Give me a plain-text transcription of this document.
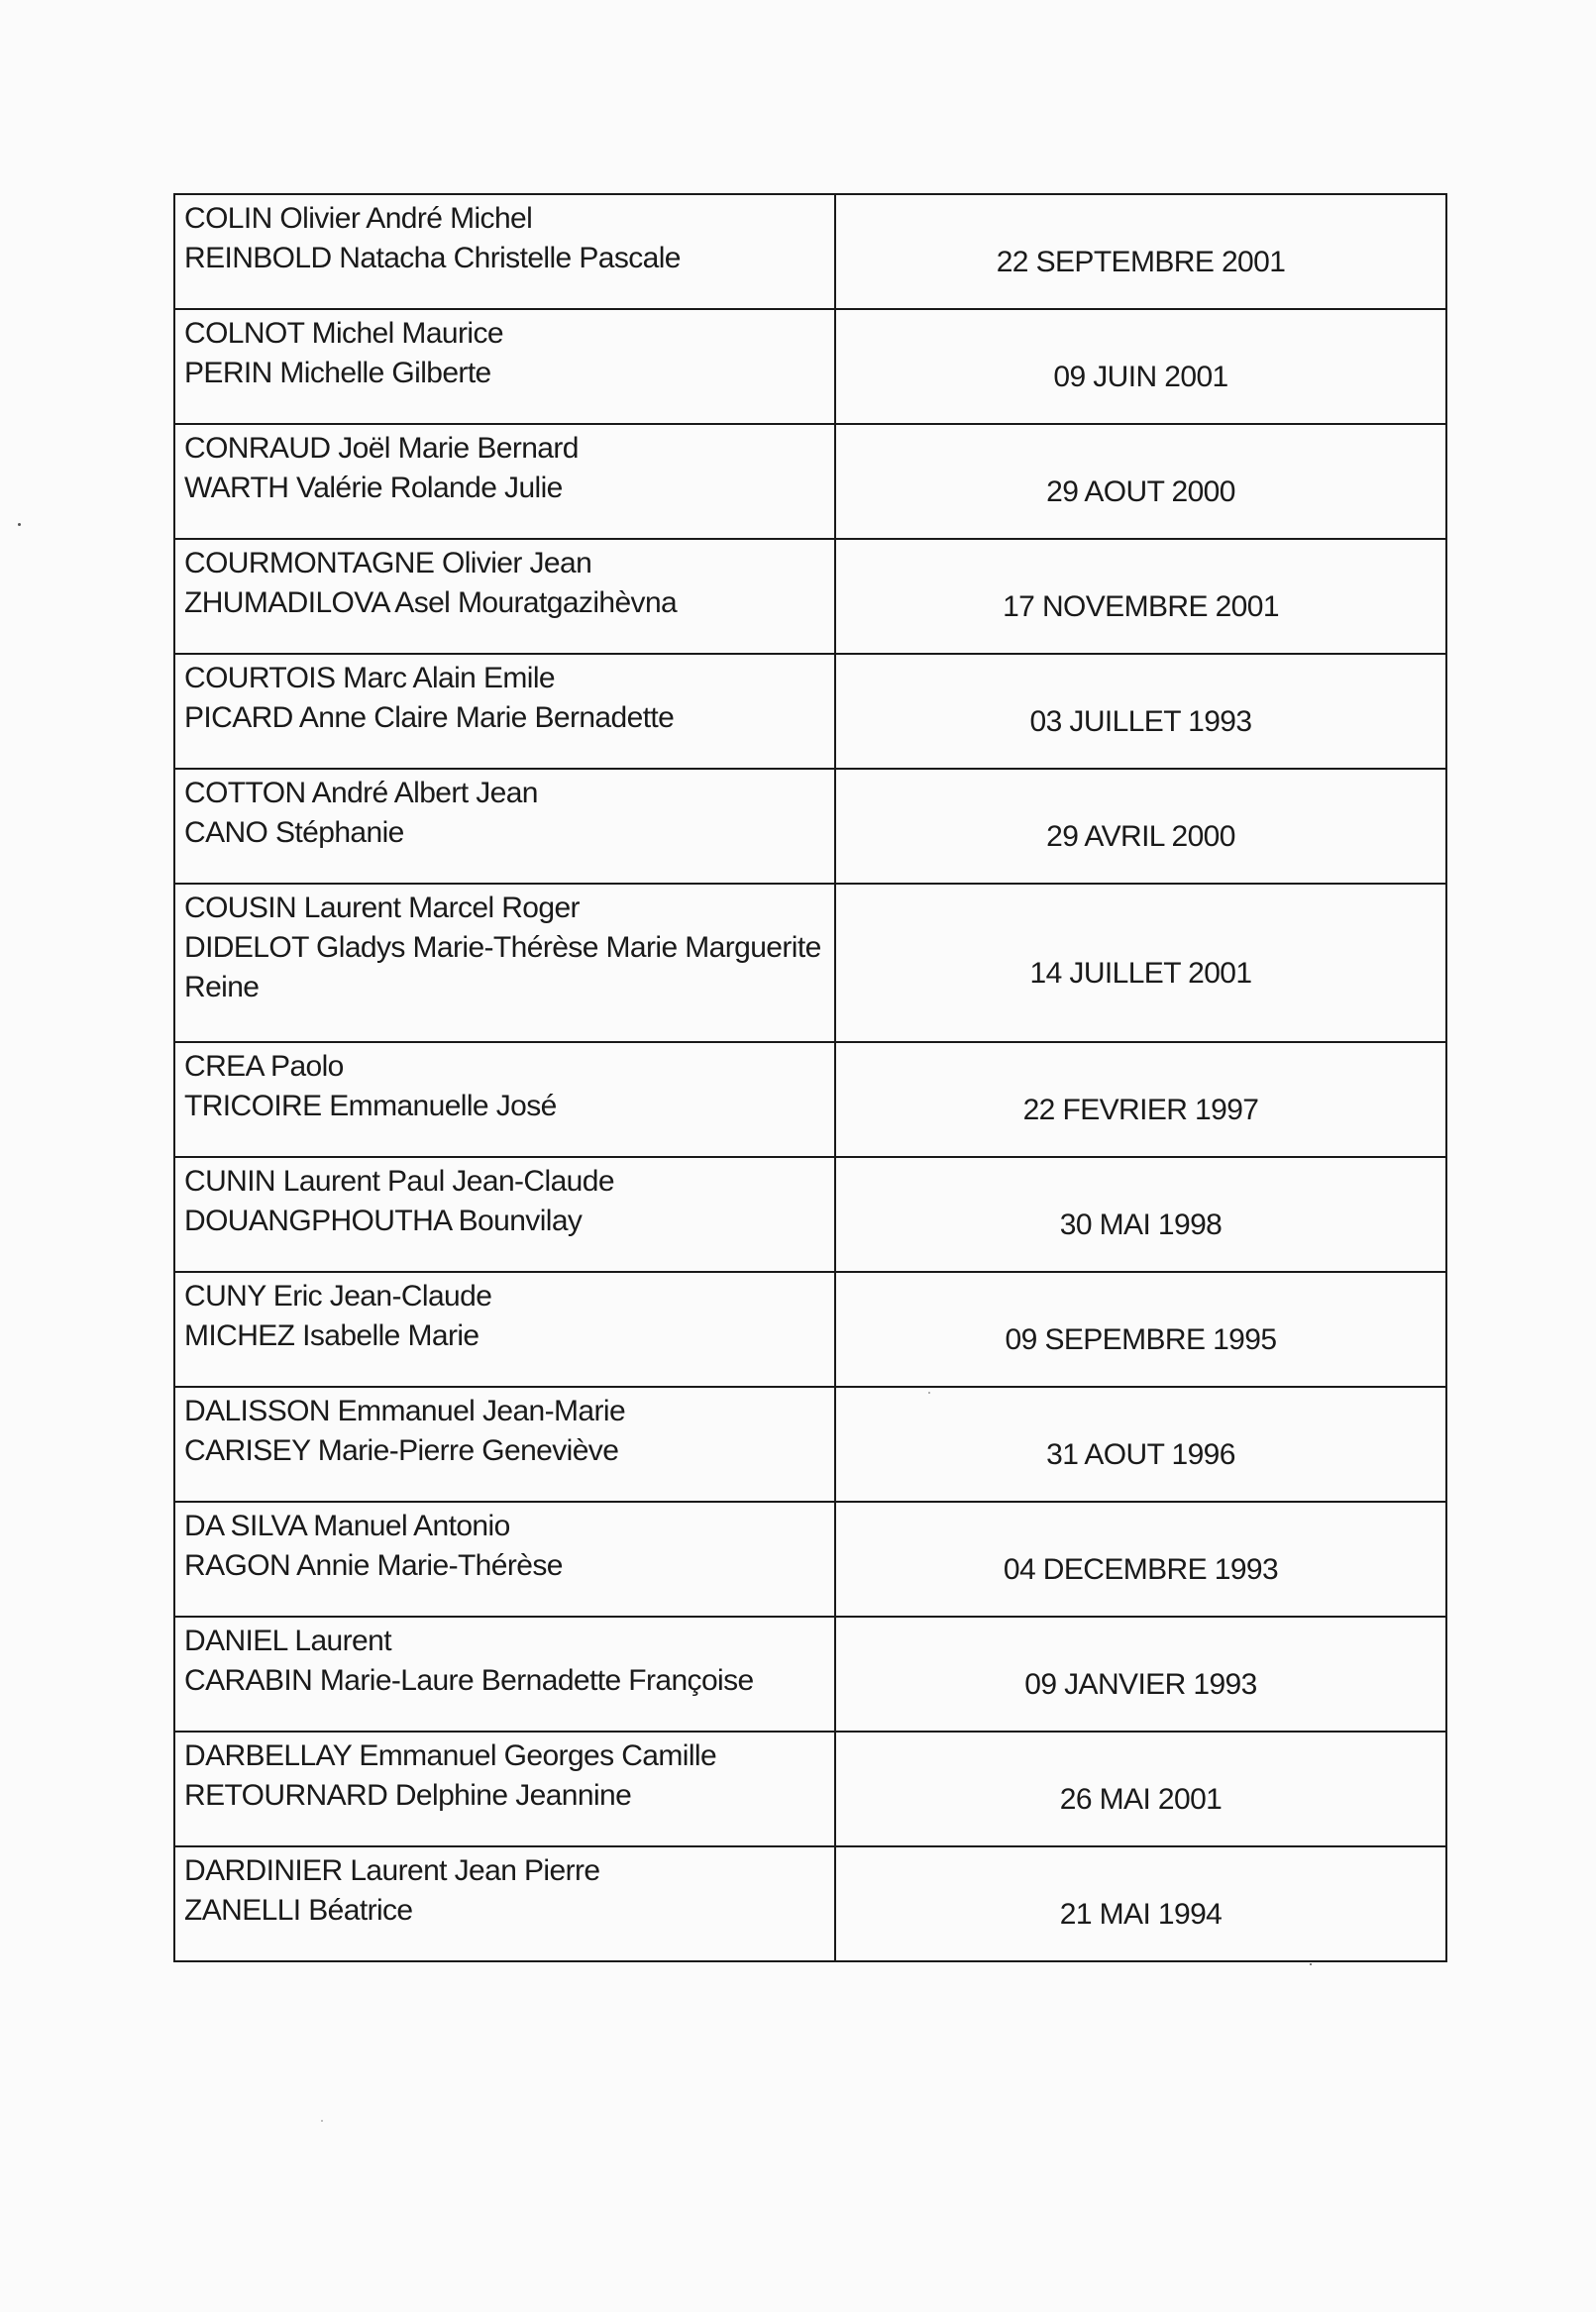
COLIN Olivier André Michel
REINBOLD Natacha Christelle Pascale	22 SEPTEMBRE 2001

COLNOT Michel Maurice
PERIN Michelle Gilberte	09 JUIN 2001

CONRAUD Joël Marie Bernard
WARTH Valérie Rolande Julie	29 AOUT 2000

COURMONTAGNE Olivier Jean
ZHUMADILOVA Asel Mouratgazihèvna	17 NOVEMBRE 2001

COURTOIS Marc Alain Emile
PICARD Anne Claire Marie Bernadette	03 JUILLET 1993

COTTON André Albert Jean
CANO Stéphanie	29 AVRIL 2000

COUSIN Laurent Marcel Roger
DIDELOT Gladys Marie-Thérèse Marie Marguerite
Reine	14 JUILLET 2001

CREA Paolo
TRICOIRE Emmanuelle José	22 FEVRIER 1997

CUNIN Laurent Paul Jean-Claude
DOUANGPHOUTHA Bounvilay	30 MAI 1998

CUNY Eric Jean-Claude
MICHEZ Isabelle Marie	09 SEPEMBRE 1995

DALISSON Emmanuel Jean-Marie
CARISEY Marie-Pierre Geneviève	31 AOUT 1996

DA SILVA Manuel Antonio
RAGON Annie Marie-Thérèse	04 DECEMBRE 1993

DANIEL Laurent
CARABIN Marie-Laure Bernadette Françoise	09 JANVIER 1993

DARBELLAY Emmanuel Georges Camille
RETOURNARD Delphine Jeannine	26 MAI 2001

DARDINIER Laurent Jean Pierre
ZANELLI Béatrice	21 MAI 1994
